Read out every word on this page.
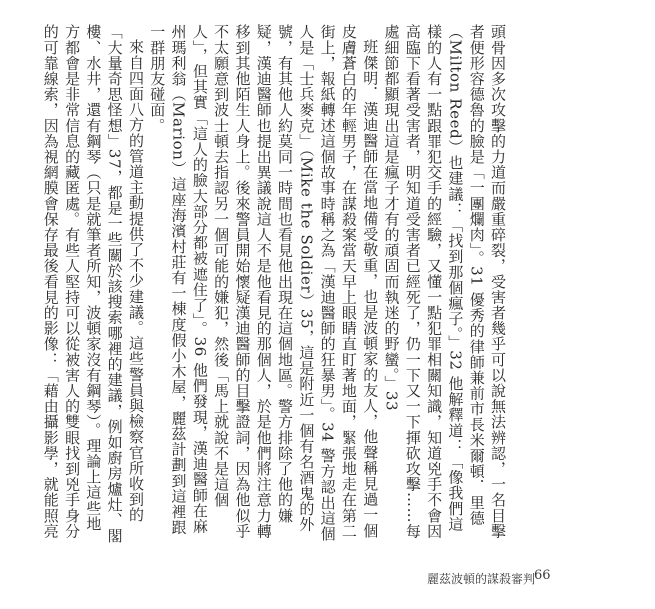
頭骨因多次攻擊的力道而嚴重碎裂，受害者幾乎可以說無法辨認，一名目擊者便形容德魯的臉是「一團爛肉」。31 優秀的律師兼前市長米爾頓．里德（Milton Reed）也建議：「找到那個瘋子。」32 他解釋道：「像我們這樣的人有一點跟罪犯交手的經驗，又懂一點犯罪相關知識，知道兇手不會因高臨下看著受害者，明知道受害者已經死了，仍一下又一下揮砍攻擊……每處細節都顯現出這是瘋子才有的頑固而執迷的野蠻。」33

班傑明．漢迪醫師在當地備受敬重，也是波頓家的友人，他聲稱見過一個皮膚蒼白的年輕男子，在謀殺案當天早上眼睛直盯著地面，緊張地走在第二街上，報紙轉述這個故事時稱之為「漢迪醫師的狂暴男」。34 警方認出這個人是「士兵麥克」（Mike the Soldier）35，這是附近一個有名酒鬼的外號，有其他人約莫同一時間也看見他出現在這個地區。警方排除了他的嫌疑，漢迪醫師也提出異議說這人不是他看見的那個人，於是他們將注意力轉移到其他陌生人身上。後來警員開始懷疑漢迪醫師的目擊證詞，因為他似乎不太願意到波士頓去指認另一個可能的嫌犯，然後「馬上就說不是這個人」，但其實「這人的臉大部分都被遮住了」。36 他們發現，漢迪醫師在麻州瑪利翁（Marion）這座海濱村莊有一棟度假小木屋，麗茲計劃到這裡跟一群朋友碰面。

來自四面八方的管道主動提供了不少建議。這些警員與檢察官所收到的「大量奇思怪想」37，都是一些關於該搜索哪裡的建議，例如廚房爐灶、閣樓、水井，還有鋼琴（只是就筆者所知，波頓家沒有鋼琴）。理論上這些地方都會是非常信息的藏匿處。有些人堅持可以從被害人的雙眼找到兇手身分的可靠線索，因為視網膜會保存最後看見的影像：「藉由攝影學，就能照亮

麗茲波頓的謀殺審判
66
